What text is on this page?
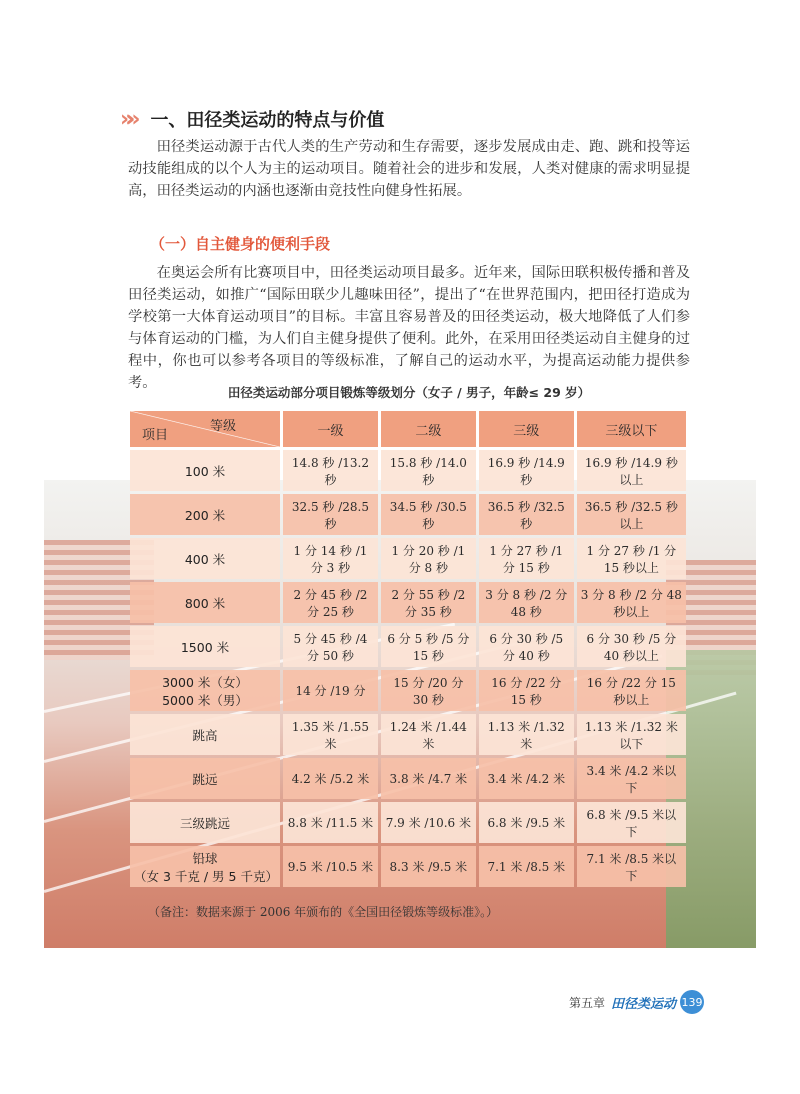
»» 一、田径类运动的特点与价值

田径类运动源于古代人类的生产劳动和生存需要，逐步发展成由走、跑、跳和投等运动技能组成的以个人为主的运动项目。随着社会的进步和发展，人类对健康的需求明显提高，田径类运动的内涵也逐渐由竞技性向健身性拓展。

（一）自主健身的便利手段

在奥运会所有比赛项目中，田径类运动项目最多。近年来，国际田联积极传播和普及田径类运动，如推广“国际田联少儿趣味田径”，提出了“在世界范围内，把田径打造成为学校第一大体育运动项目”的目标。丰富且容易普及的田径类运动，极大地降低了人们参与体育运动的门槛，为人们自主健身提供了便利。此外，在采用田径类运动自主健身的过程中，你也可以参考各项目的等级标准，了解自己的运动水平，为提高运动能力提供参考。

田径类运动部分项目锻炼等级划分（女子 / 男子，年龄≤ 29 岁）
等级
项目	一级	二级	三级	三级以下
100 米	14.8 秒 /13.2 秒	15.8 秒 /14.0 秒	16.9 秒 /14.9 秒	16.9 秒 /14.9 秒以上
200 米	32.5 秒 /28.5 秒	34.5 秒 /30.5 秒	36.5 秒 /32.5 秒	36.5 秒 /32.5 秒以上
400 米	1 分 14 秒 /1 分 3 秒	1 分 20 秒 /1 分 8 秒	1 分 27 秒 /1 分 15 秒	1 分 27 秒 /1 分 15 秒以上
800 米	2 分 45 秒 /2 分 25 秒	2 分 55 秒 /2 分 35 秒	3 分 8 秒 /2 分 48 秒	3 分 8 秒 /2 分 48 秒以上
1500 米	5 分 45 秒 /4 分 50 秒	6 分 5 秒 /5 分 15 秒	6 分 30 秒 /5 分 40 秒	6 分 30 秒 /5 分 40 秒以上

3000 米（女）
5000 米（男）	14 分 /19 分	15 分 /20 分 30 秒	16 分 /22 分 15 秒	16 分 /22 分 15 秒以上
跳高	1.35 米 /1.55 米	1.24 米 /1.44 米	1.13 米 /1.32 米	1.13 米 /1.32 米以下
跳远	4.2 米 /5.2 米	3.8 米 /4.7 米	3.4 米 /4.2 米	3.4 米 /4.2 米以下
三级跳远	8.8 米 /11.5 米	7.9 米 /10.6 米	6.8 米 /9.5 米	6.8 米 /9.5 米以下

铅球
（女 3 千克 / 男 5 千克）	9.5 米 /10.5 米	8.3 米 /9.5 米	7.1 米 /8.5 米	7.1 米 /8.5 米以下
（备注：数据来源于 2006 年颁布的《全国田径锻炼等级标准》。）
第五章 田径类运动 139
